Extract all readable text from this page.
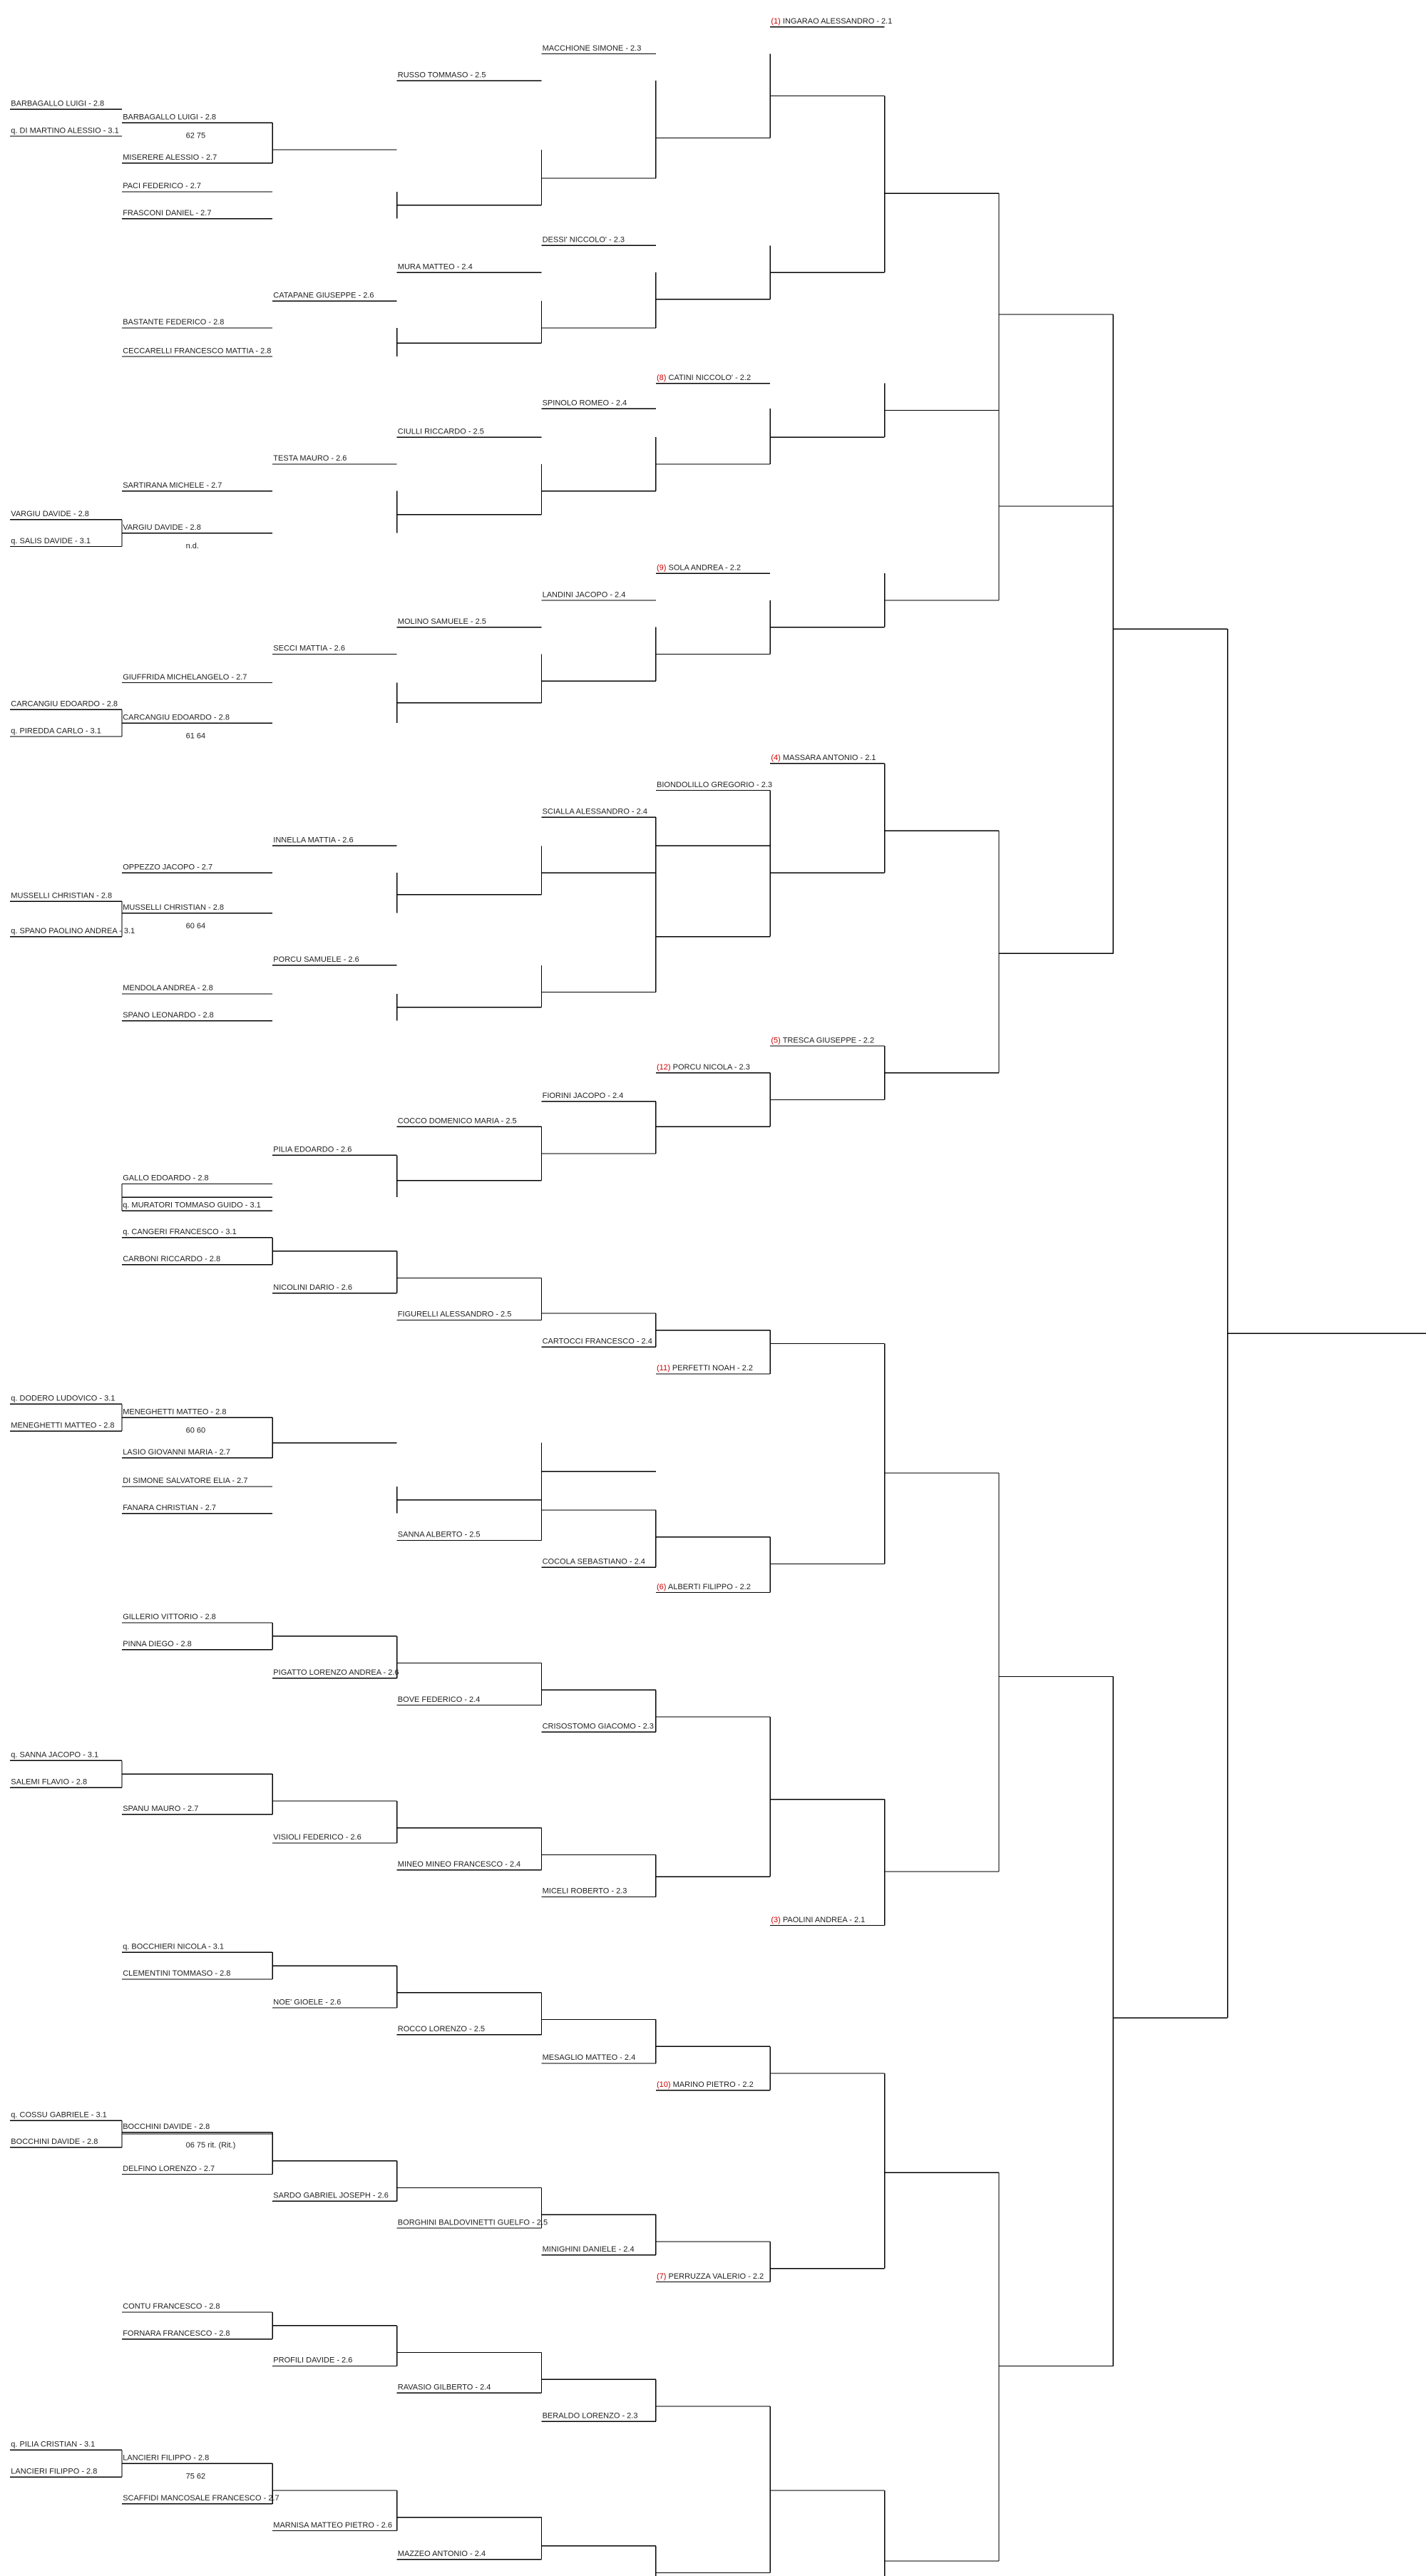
BARBAGALLO LUIGI - 2.8
q. DI MARTINO ALESSIO - 3.1
VARGIU DAVIDE - 2.8
q. SALIS DAVIDE - 3.1
CARCANGIU EDOARDO - 2.8
q. PIREDDA CARLO - 3.1
MUSSELLI CHRISTIAN - 2.8
q. SPANO PAOLINO ANDREA - 3.1
q. DODERO LUDOVICO - 3.1
MENEGHETTI MATTEO - 2.8
q. SANNA JACOPO - 3.1
SALEMI FLAVIO - 2.8
q. COSSU GABRIELE - 3.1
BOCCHINI DAVIDE - 2.8
q. PILIA CRISTIAN - 3.1
LANCIERI FILIPPO - 2.8
BARBAGALLO LUIGI - 2.8
62 75
MISERERE ALESSIO - 2.7
PACI FEDERICO - 2.7
FRASCONI DANIEL - 2.7
BASTANTE FEDERICO - 2.8
CECCARELLI FRANCESCO MATTIA - 2.8
SARTIRANA MICHELE - 2.7
VARGIU DAVIDE - 2.8
n.d.
GIUFFRIDA MICHELANGELO - 2.7
CARCANGIU EDOARDO - 2.8
61 64
OPPEZZO JACOPO - 2.7
MUSSELLI CHRISTIAN - 2.8
60 64
MENDOLA ANDREA - 2.8
SPANO LEONARDO - 2.8
GALLO EDOARDO - 2.8
q. MURATORI TOMMASO GUIDO - 3.1
q. CANGERI FRANCESCO - 3.1
CARBONI RICCARDO - 2.8
MENEGHETTI MATTEO - 2.8
60 60
LASIO GIOVANNI MARIA - 2.7
DI SIMONE SALVATORE ELIA - 2.7
FANARA CHRISTIAN - 2.7
GILLERIO VITTORIO - 2.8
PINNA DIEGO - 2.8
SPANU MAURO - 2.7
q. BOCCHIERI NICOLA - 3.1
CLEMENTINI TOMMASO - 2.8
BOCCHINI DAVIDE - 2.8
06 75 rit. (Rit.)
DELFINO LORENZO - 2.7
CONTU FRANCESCO - 2.8
FORNARA FRANCESCO - 2.8
LANCIERI FILIPPO - 2.8
75 62
SCAFFIDI MANCOSALE FRANCESCO - 2.7
CATAPANE GIUSEPPE - 2.6
TESTA MAURO - 2.6
SECCI MATTIA - 2.6
INNELLA MATTIA - 2.6
PORCU SAMUELE - 2.6
PILIA EDOARDO - 2.6
NICOLINI DARIO - 2.6
PIGATTO LORENZO ANDREA - 2.6
VISIOLI FEDERICO - 2.6
NOE' GIOELE - 2.6
SARDO GABRIEL JOSEPH - 2.6
PROFILI DAVIDE - 2.6
MARNISA MATTEO PIETRO - 2.6
RUSSO TOMMASO - 2.5
MURA MATTEO - 2.4
CIULLI RICCARDO - 2.5
MOLINO SAMUELE - 2.5
COCCO DOMENICO MARIA - 2.5
FIGURELLI ALESSANDRO - 2.5
SANNA ALBERTO - 2.5
BOVE FEDERICO - 2.4
MINEO MINEO FRANCESCO - 2.4
ROCCO LORENZO - 2.5
BORGHINI BALDOVINETTI GUELFO - 2.5
RAVASIO GILBERTO - 2.4
MAZZEO ANTONIO - 2.4
MACCHIONE SIMONE - 2.3
DESSI' NICCOLO' - 2.3
SPINOLO ROMEO - 2.4
LANDINI JACOPO - 2.4
SCIALLA ALESSANDRO - 2.4
FIORINI JACOPO - 2.4
CARTOCCI FRANCESCO - 2.4
COCOLA SEBASTIANO - 2.4
CRISOSTOMO GIACOMO - 2.3
MICELI ROBERTO - 2.3
MESAGLIO MATTEO - 2.4
MINIGHINI DANIELE - 2.4
BERALDO LORENZO - 2.3
(8) CATINI NICCOLO' - 2.2
(9) SOLA ANDREA - 2.2
BIONDOLILLO GREGORIO - 2.3
(12) PORCU NICOLA - 2.3
(11) PERFETTI NOAH - 2.2
(6) ALBERTI FILIPPO - 2.2
(10) MARINO PIETRO - 2.2
(7) PERRUZZA VALERIO - 2.2
(1) INGARAO ALESSANDRO - 2.1
(4) MASSARA ANTONIO - 2.1
(5) TRESCA GIUSEPPE - 2.2
(3) PAOLINI ANDREA - 2.1
